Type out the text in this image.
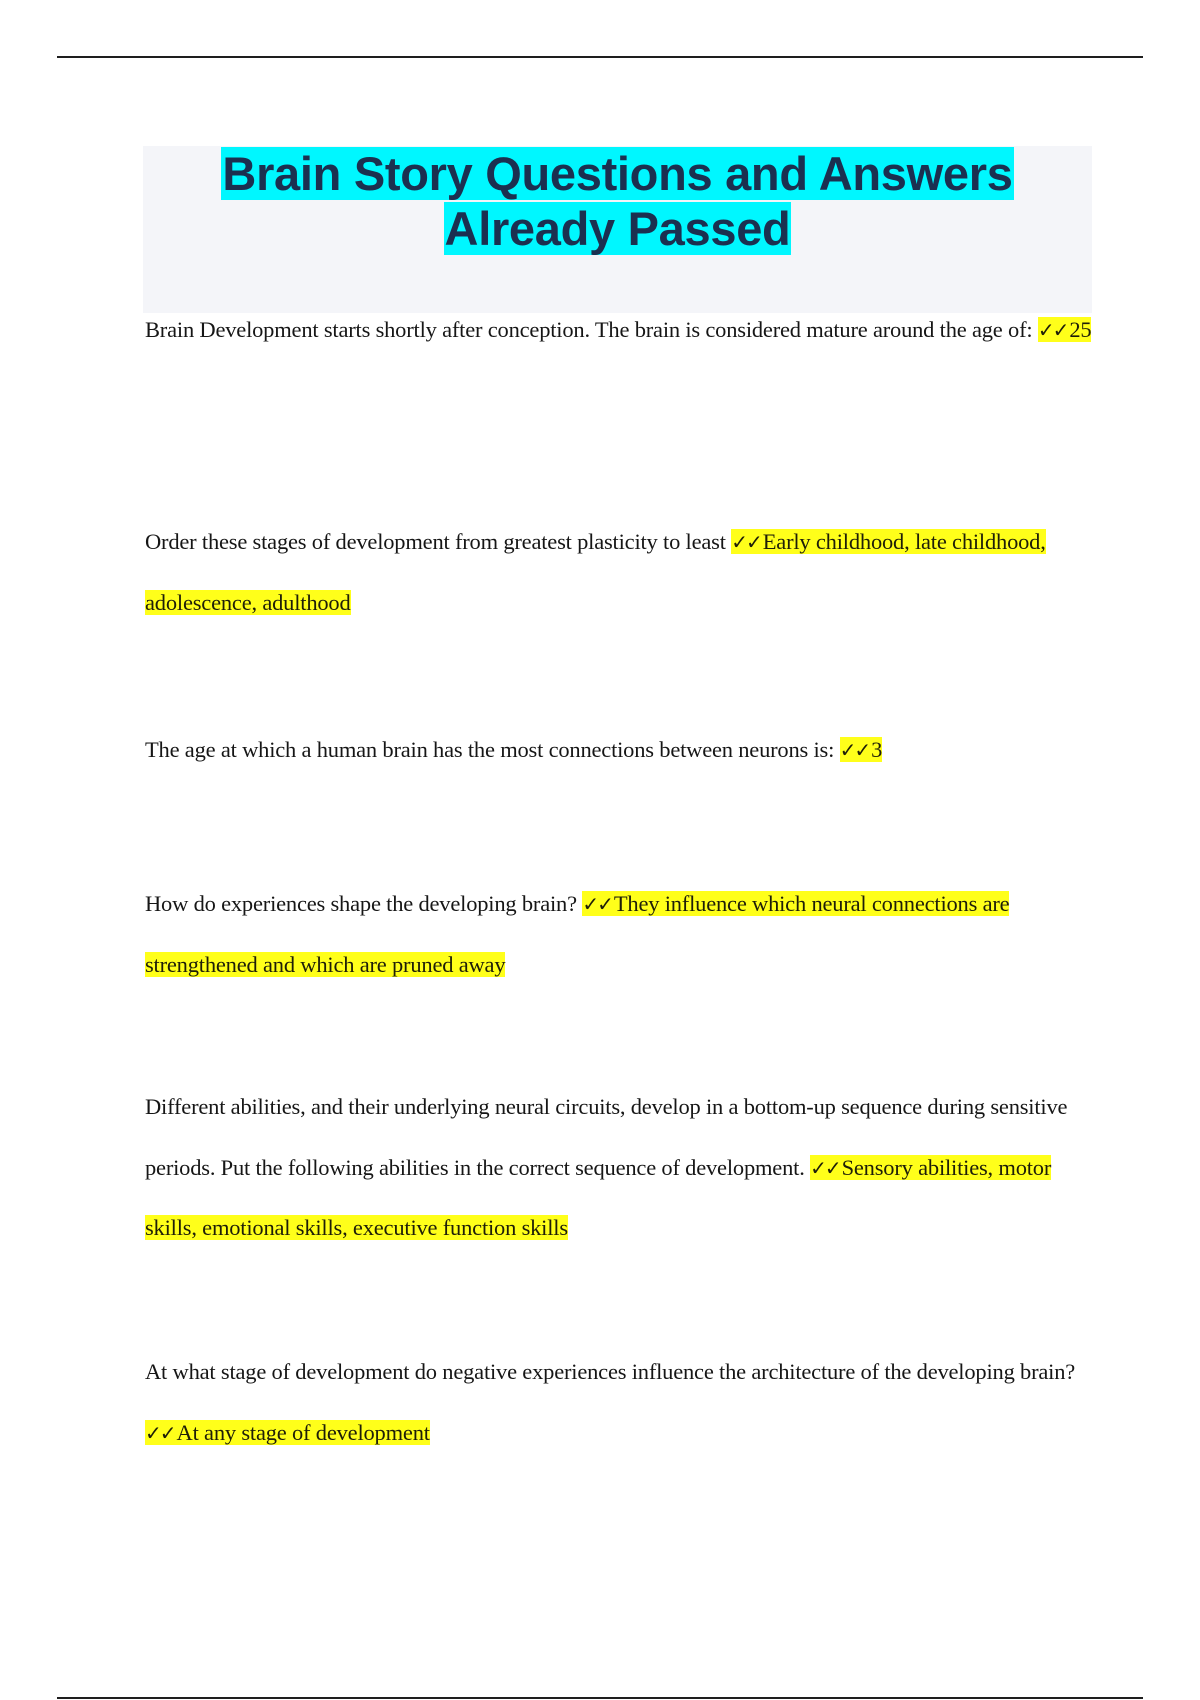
Brain Story Questions and Answers
Already Passed

Brain Development starts shortly after conception. The brain is considered mature around the age of: ✓✓25

Order these stages of development from greatest plasticity to least ✓✓Early childhood, late childhood, adolescence, adulthood

The age at which a human brain has the most connections between neurons is: ✓✓3

How do experiences shape the developing brain? ✓✓They influence which neural connections are strengthened and which are pruned away

Different abilities, and their underlying neural circuits, develop in a bottom-up sequence during sensitive periods. Put the following abilities in the correct sequence of development. ✓✓Sensory abilities, motor skills, emotional skills, executive function skills

At what stage of development do negative experiences influence the architecture of the developing brain? ✓✓At any stage of development
